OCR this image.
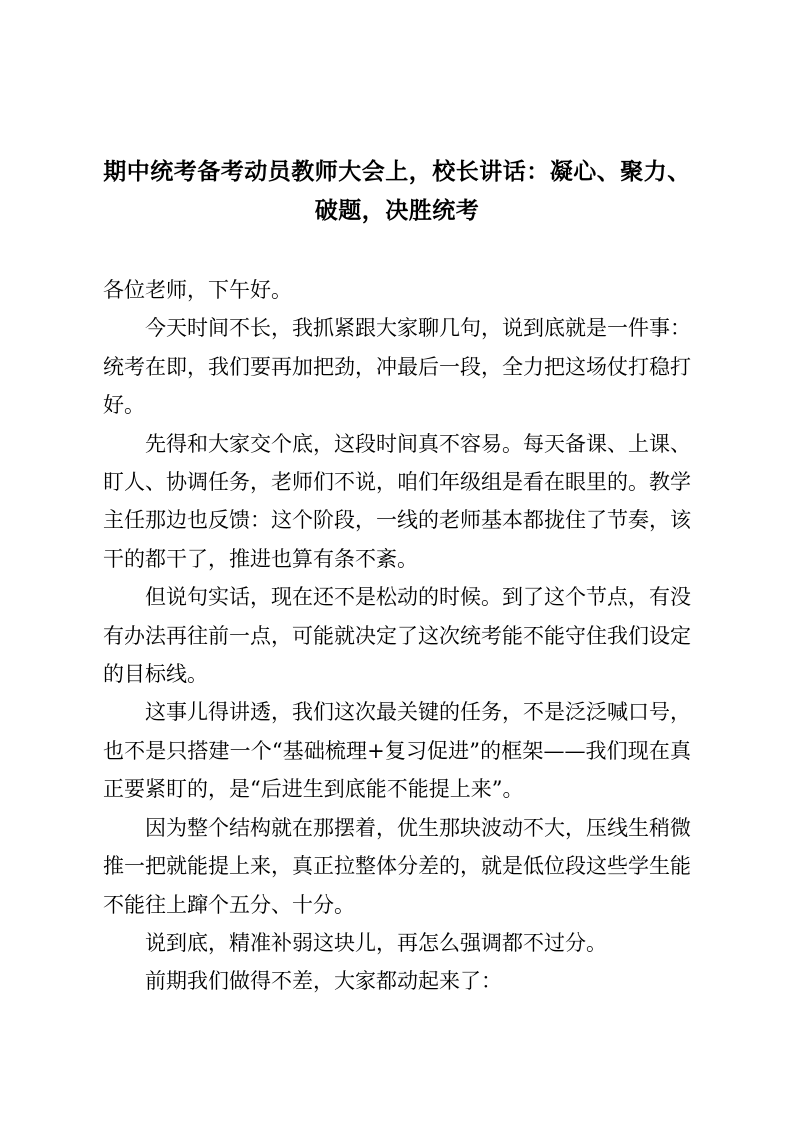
期中统考备考动员教师大会上，校长讲话：凝心、聚力、破题，决胜统考

各位老师，下午好。

今天时间不长，我抓紧跟大家聊几句，说到底就是一件事：统考在即，我们要再加把劲，冲最后一段，全力把这场仗打稳打好。

先得和大家交个底，这段时间真不容易。每天备课、上课、盯人、协调任务，老师们不说，咱们年级组是看在眼里的。教学主任那边也反馈：这个阶段，一线的老师基本都拢住了节奏，该干的都干了，推进也算有条不紊。

但说句实话，现在还不是松动的时候。到了这个节点，有没有办法再往前一点，可能就决定了这次统考能不能守住我们设定的目标线。

这事儿得讲透，我们这次最关键的任务，不是泛泛喊口号，也不是只搭建一个“基础梳理+复习促进”的框架——我们现在真正要紧盯的，是“后进生到底能不能提上来”。

因为整个结构就在那摆着，优生那块波动不大，压线生稍微推一把就能提上来，真正拉整体分差的，就是低位段这些学生能不能往上蹿个五分、十分。

说到底，精准补弱这块儿，再怎么强调都不过分。

前期我们做得不差，大家都动起来了：
